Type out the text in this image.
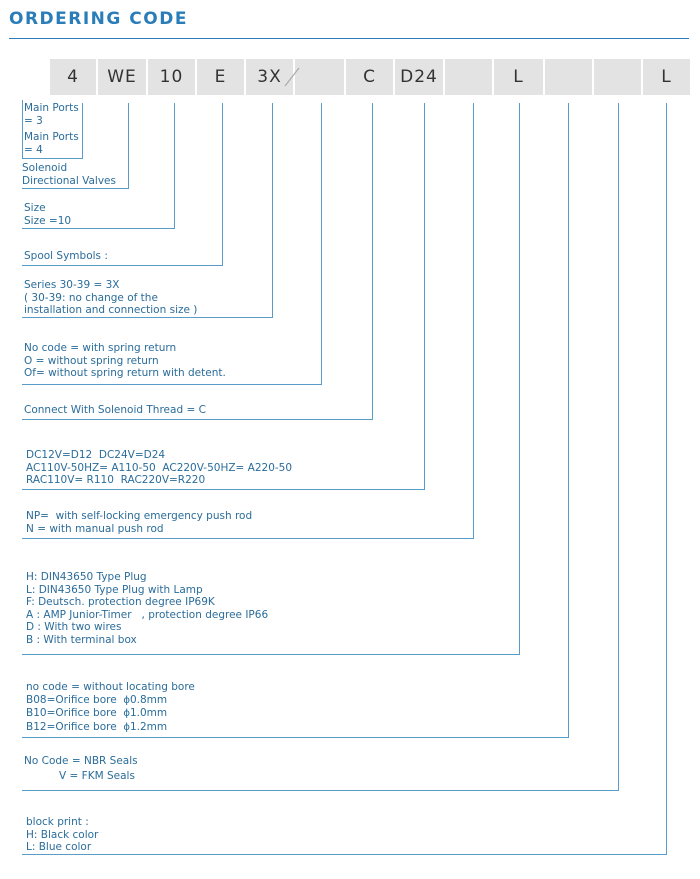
ORDERING CODE
4	WE	10	E	3X	C	D24	L	L
Main Ports
= 3
Main Ports
= 4
Solenoid
Directional Valves
Size
Size =10
Spool Symbols :
Series 30-39 = 3X
( 30-39: no change of the
installation and connection size )
No code = with spring return
O = without spring return
Of= without spring return with detent.
Connect With Solenoid Thread = C
DC12V=D12  DC24V=D24
AC110V-50HZ= A110-50  AC220V-50HZ= A220-50
RAC110V= R110  RAC220V=R220
NP=  with self-locking emergency push rod
N = with manual push rod
H: DIN43650 Type Plug
L: DIN43650 Type Plug with Lamp
F: Deutsch. protection degree IP69K
A : AMP Junior-Timer   , protection degree IP66
D : With two wires
B : With terminal box
no code = without locating bore
B08=Orifice bore  ϕ0.8mm
B10=Orifice bore  ϕ1.0mm
B12=Orifice bore  ϕ1.2mm
No Code = NBR Seals
V = FKM Seals
block print :
H: Black color
L: Blue color
